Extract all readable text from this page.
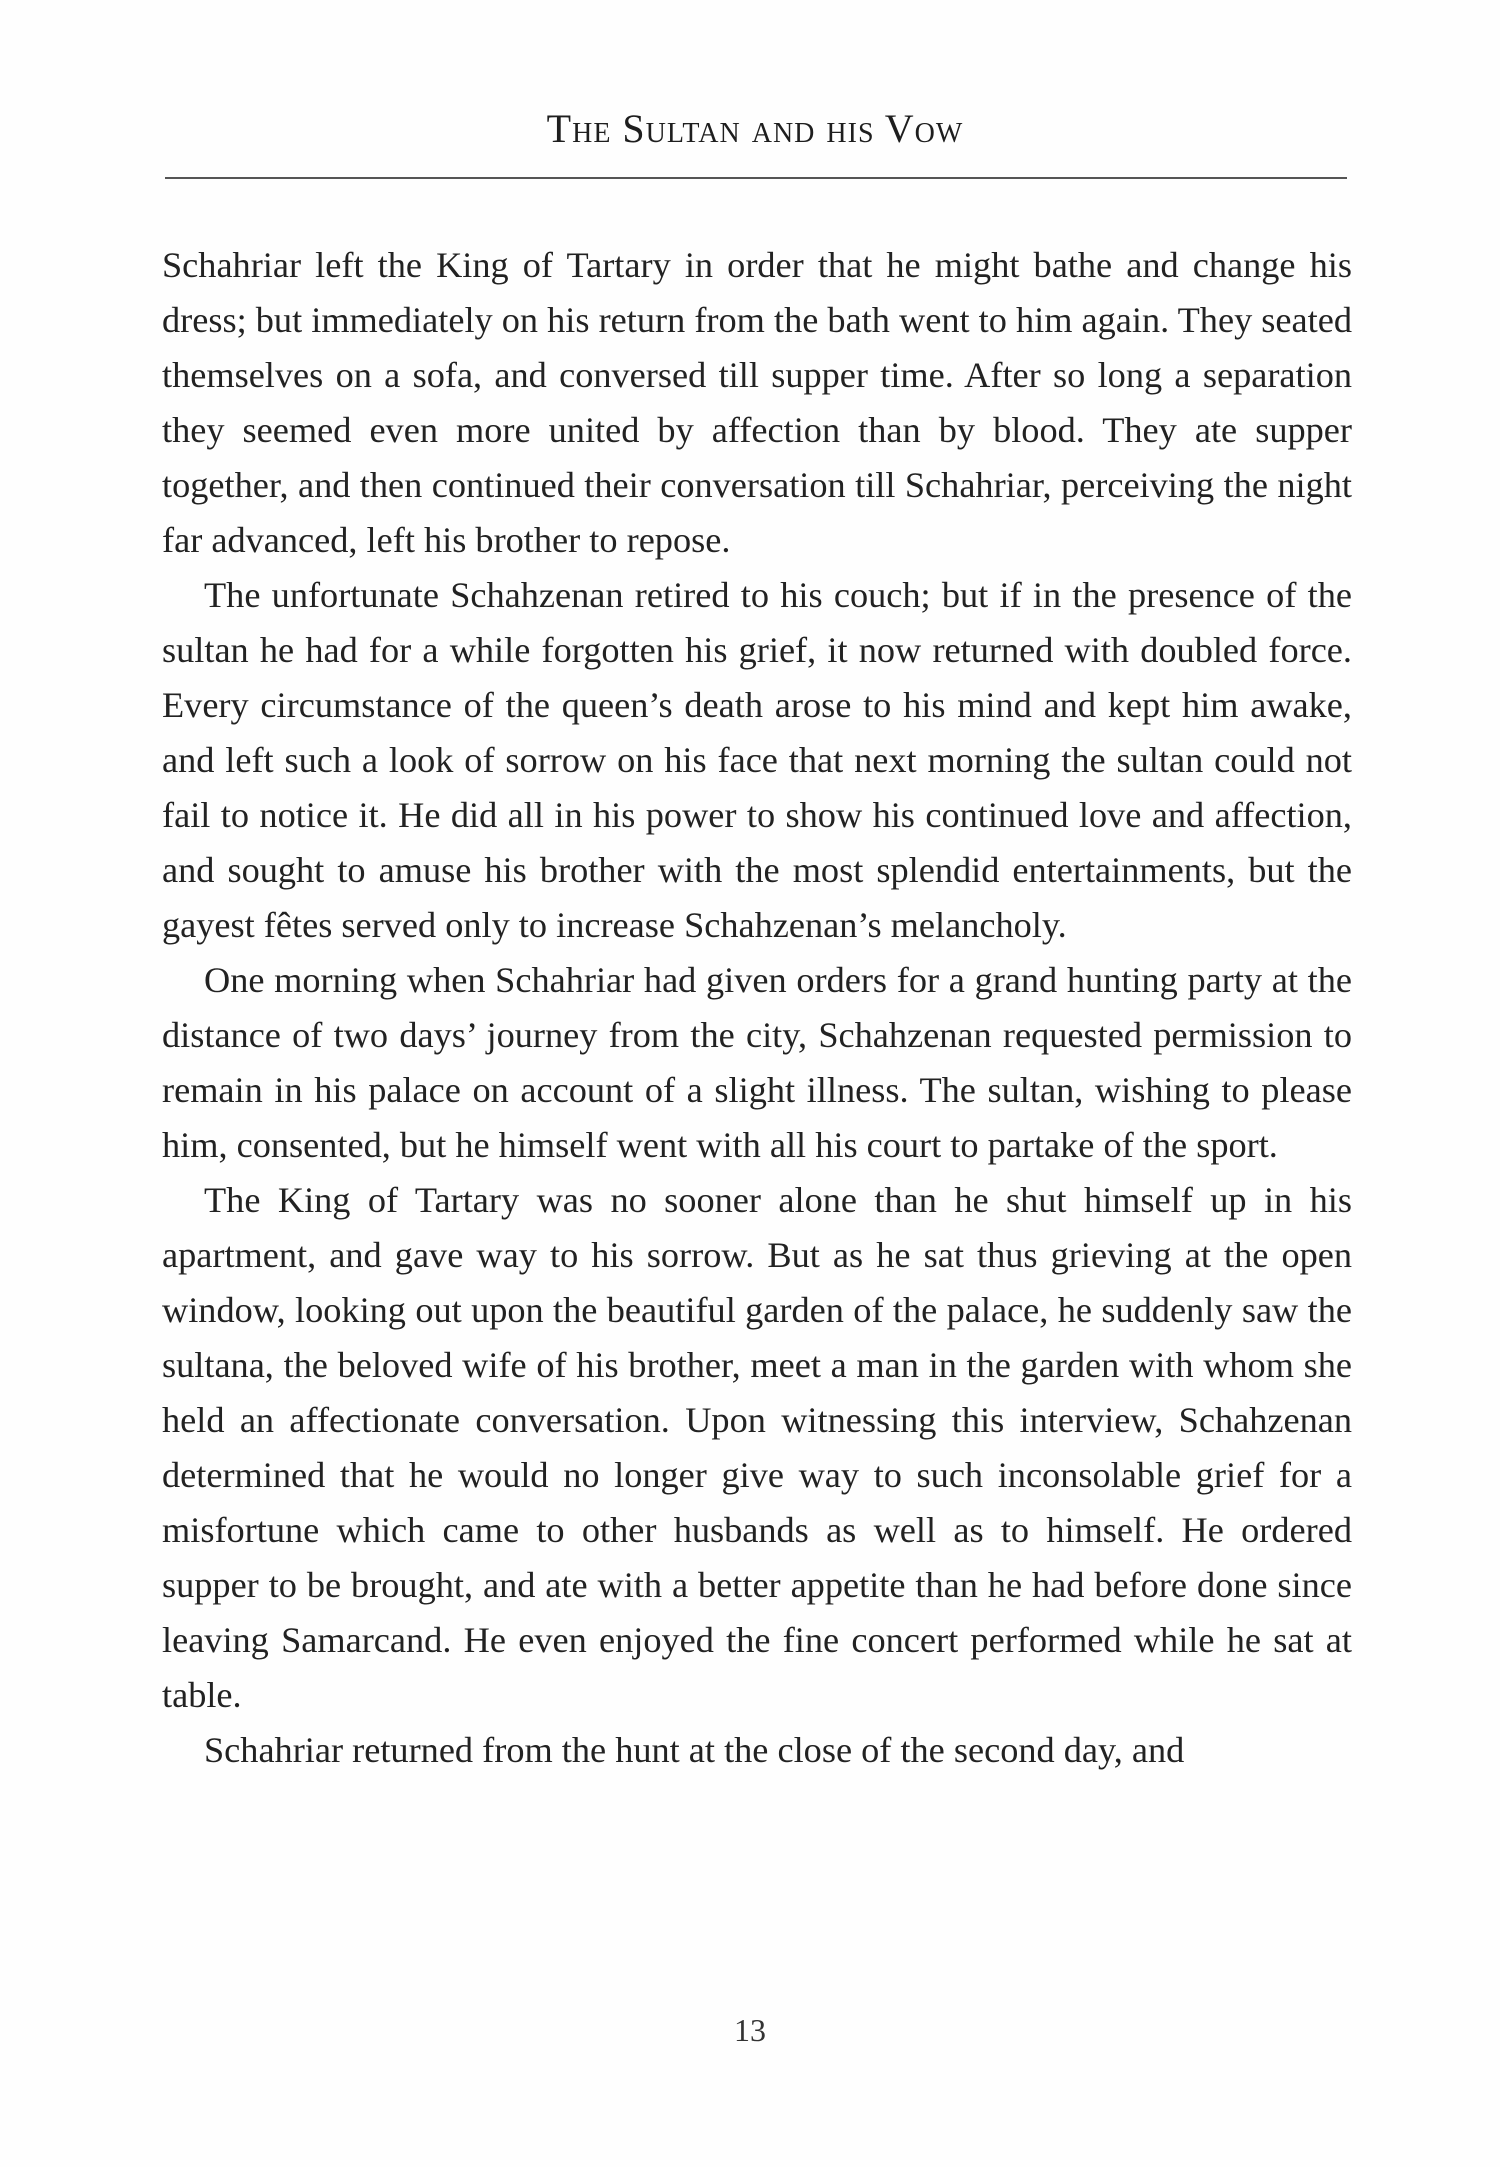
The Sultan and his Vow

Schahriar left the King of Tartary in order that he might bathe and change his dress; but immediately on his return from the bath went to him again. They seated themselves on a sofa, and conversed till supper time. After so long a separation they seemed even more united by affection than by blood. They ate supper together, and then continued their conversation till Schahriar, perceiving the night far advanced, left his brother to repose.

The unfortunate Schahzenan retired to his couch; but if in the presence of the sultan he had for a while forgotten his grief, it now returned with doubled force. Every circumstance of the queen’s death arose to his mind and kept him awake, and left such a look of sorrow on his face that next morning the sultan could not fail to notice it. He did all in his power to show his continued love and affection, and sought to amuse his brother with the most splendid entertainments, but the gayest fêtes served only to increase Schahzenan’s melancholy.

One morning when Schahriar had given orders for a grand hunting party at the distance of two days’ journey from the city, Schahzenan requested permission to remain in his palace on account of a slight illness. The sultan, wishing to please him, consented, but he himself went with all his court to partake of the sport.

The King of Tartary was no sooner alone than he shut himself up in his apartment, and gave way to his sorrow. But as he sat thus grieving at the open window, looking out upon the beautiful garden of the palace, he suddenly saw the sultana, the beloved wife of his brother, meet a man in the garden with whom she held an affectionate conversation. Upon witnessing this interview, Schahzenan determined that he would no longer give way to such inconsolable grief for a misfortune which came to other husbands as well as to himself. He ordered supper to be brought, and ate with a better appetite than he had before done since leaving Samarcand. He even enjoyed the fine concert performed while he sat at table.

Schahriar returned from the hunt at the close of the second day, and

13
